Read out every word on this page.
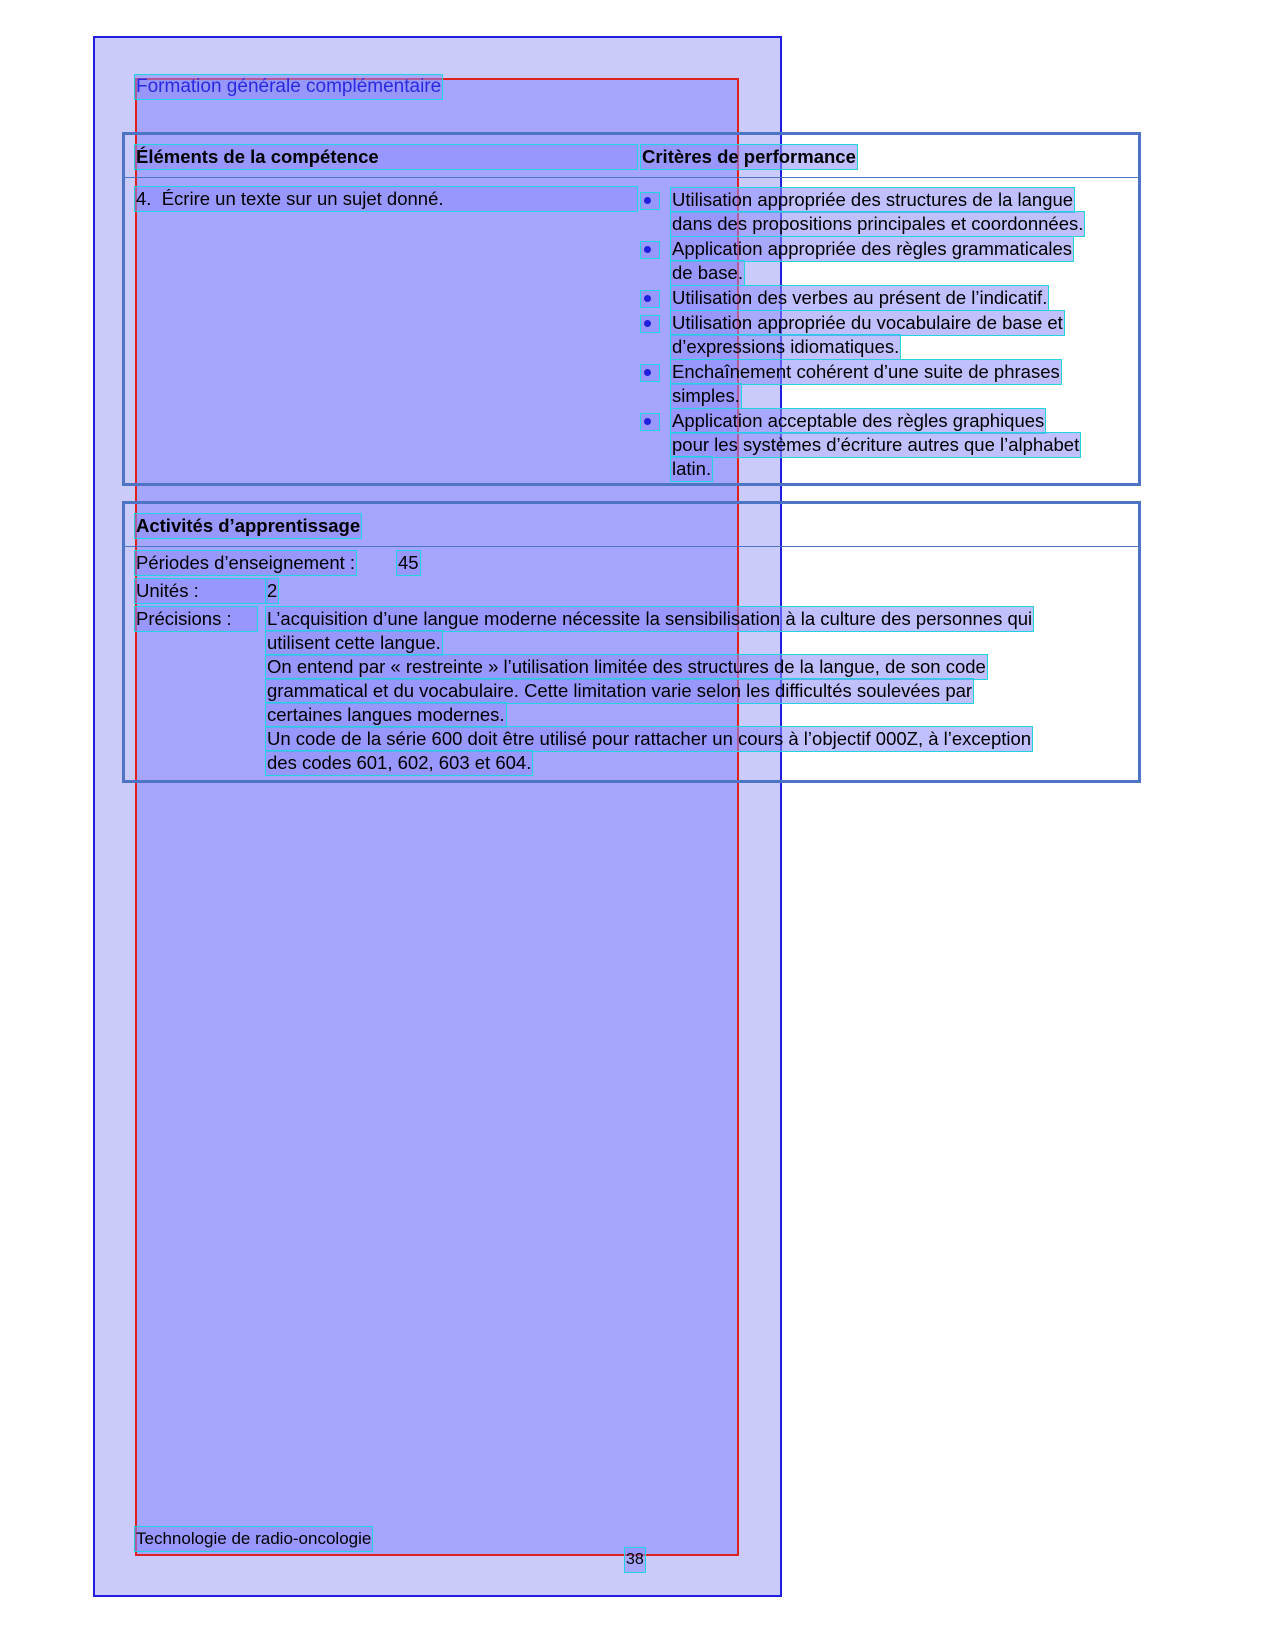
Formation générale complémentaire
Éléments de la compétence	Critères de performance
4. Écrire un texte sur un sujet donné.	Utilisation appropriée des structures de la langue
dans des propositions principales et coordonnées.
Application appropriée des règles grammaticales
de base.
Utilisation des verbes au présent de l’indicatif.
Utilisation appropriée du vocabulaire de base et
d’expressions idiomatiques.
Enchaînement cohérent d’une suite de phrases
simples.
Application acceptable des règles graphiques
pour les systèmes d’écriture autres que l’alphabet
latin.
Activités d’apprentissage
Périodes d’enseignement : 45
Unités :	2
Précisions :	L’acquisition d’une langue moderne nécessite la sensibilisation à la culture des personnes qui
utilisent cette langue.
On entend par « restreinte » l’utilisation limitée des structures de la langue, de son code
grammatical et du vocabulaire. Cette limitation varie selon les difficultés soulevées par
certaines langues modernes.
Un code de la série 600 doit être utilisé pour rattacher un cours à l’objectif 000Z, à l’exception
des codes 601, 602, 603 et 604.
Technologie de radio-oncologie
38
